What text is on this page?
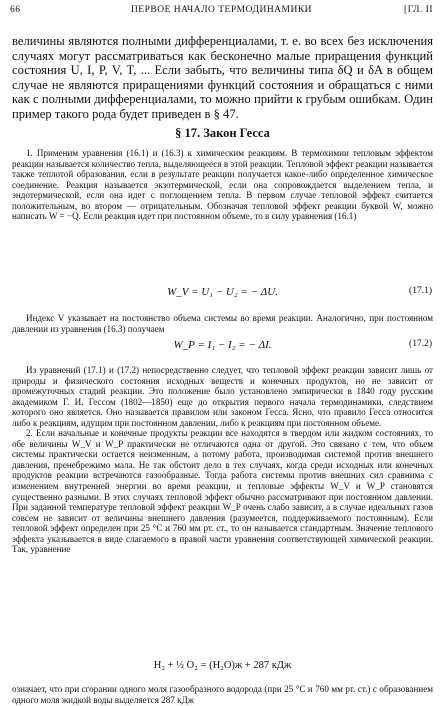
66	ПЕРВОЕ НАЧАЛО ТЕРМОДИНАМИКИ	[ГЛ. II

величины являются полными дифференциалами, т. е. во всех без исключения случаях могут рассматриваться как бесконечно малые приращения функций состояния U, I, P, V, T, ... Если забыть, что величины типа δQ и δA в общем случае не являются приращениями функций состояния и обращаться с ними как с полными дифференциалами, то можно прийти к грубым ошибкам. Один пример такого рода будет приведен в § 47.

§ 17. Закон Гесса

1. Применим уравнения (16.1) и (16.3) к химическим реакциям. В термохимии тепловым эффектом реакции называется количество тепла, выделяющееся в этой реакции. Тепловой эффект реакции называется также теплотой образования, если в результате реакции получается какое-либо определенное химическое соединение. Реакция называется экзотермической, если она сопровождается выделением тепла, и эндотермической, если она идет с поглощением тепла. В первом случае тепловой эффект считается положительным, во втором — отрицательным. Обозначая тепловой эффект реакции буквой W, можно написать W = −Q. Если реакция идет при постоянном объеме, то в силу уравнения (16.1)

W_V = U₁ − U₂ = − ΔU.	(17.1)

Индекс V указывает на постоянство объема системы во время реакции. Аналогично, при постоянном давлении из уравнения (16.3) получаем

W_P = I₁ − I₂ = − ΔI.	(17.2)

Из уравнений (17.1) и (17.2) непосредственно следует, что тепловой эффект реакции зависит лишь от природы и физического состояния исходных веществ и конечных продуктов, но не зависит от промежуточных стадий реакции. Это положение было установлено эмпирически в 1840 году русским академиком Г. И. Гессом (1802—1850) еще до открытия первого начала термодинамики, следствием которого оно является. Оно называется правилом или законом Гесса. Ясно, что правило Гесса относится либо к реакциям, идущим при постоянном давлении, либо к реакциям при постоянном объеме.

2. Если начальные и конечные продукты реакции все находятся в твердом или жидком состояниях, то обе величины W_V и W_P практически не отличаются одна от другой. Это связано с тем, что объем системы практически остается неизменным, а потому работа, производимая системой против внешнего давления, пренебрежимо мала. Не так обстоит дело в тех случаях, когда среди исходных или конечных продуктов реакции встречаются газообразные. Тогда работа системы против внешних сил сравнима с изменением внутренней энергии во время реакции, и тепловые эффекты W_V и W_P становятся существенно разными. В этих случаях тепловой эффект обычно рассматривают при постоянном давлении. При заданной температуре тепловой эффект реакции W_P очень слабо зависит, а в случае идеальных газов совсем не зависит от величины внешнего давления (разумеется, поддерживаемого постоянным). Если тепловой эффект определен при 25 °C и 760 мм рт. ст., то он называется стандартным. Значение теплового эффекта указывается в виде слагаемого в правой части уравнения соответствующей химической реакции. Так, уравнение

H₂ + ½ O₂ = (H₂O)ж + 287 кДж

означает, что при сгорании одного моля газообразного водорода (при 25 °C и 760 мм рт. ст.) с образованием одного моля жидкой воды выделяется 287 кДж
